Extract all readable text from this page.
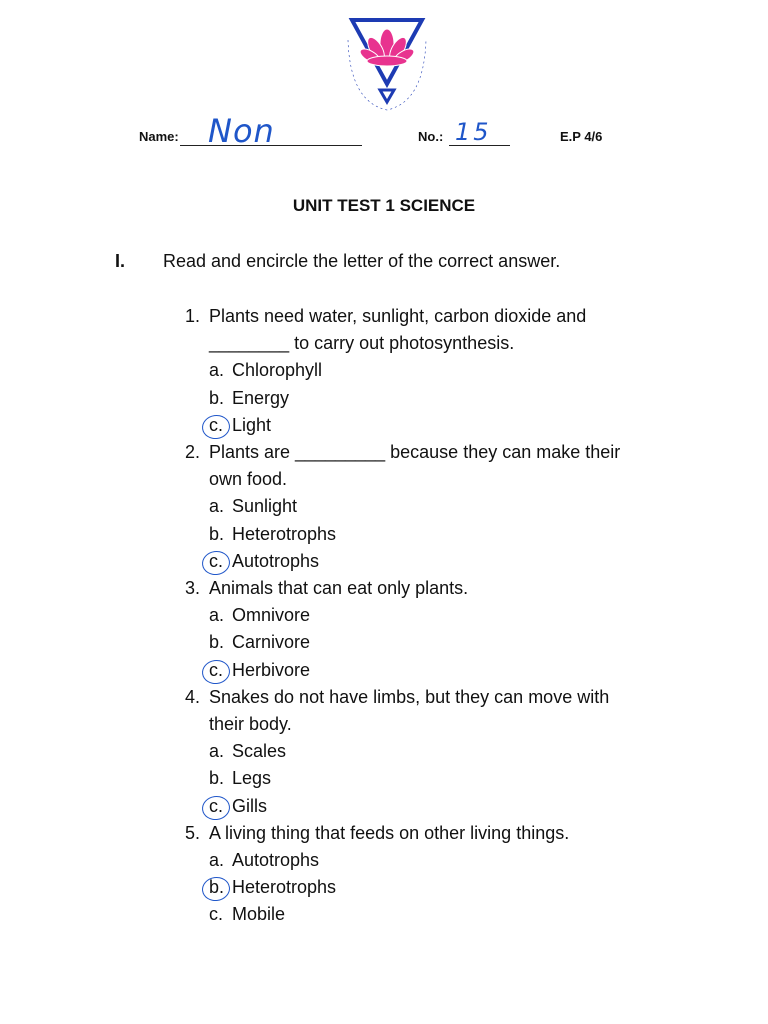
Name: Non	No.: 15	E.P 4/6
UNIT TEST 1 SCIENCE
I. Read and encircle the letter of the correct answer.
1. Plants need water, sunlight, carbon dioxide and
________ to carry out photosynthesis.
a. Chlorophyll
b. Energy
c. Light
2. Plants are _________ because they can make their
own food.
a. Sunlight
b. Heterotrophs
c. Autotrophs
3. Animals that can eat only plants.
a. Omnivore
b. Carnivore
c. Herbivore
4. Snakes do not have limbs, but they can move with
their body.
a. Scales
b. Legs
c. Gills
5. A living thing that feeds on other living things.
a. Autotrophs
b. Heterotrophs
c. Mobile
